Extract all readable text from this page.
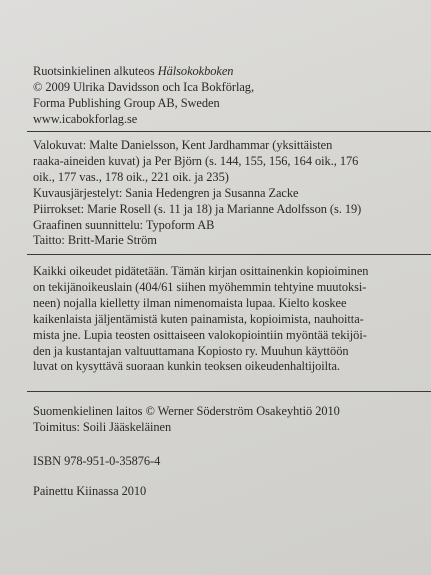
Ruotsinkielinen alkuteos Hälsokokboken
© 2009 Ulrika Davidsson och Ica Bokförlag,
Forma Publishing Group AB, Sweden
www.icabokforlag.se
Valokuvat: Malte Danielsson, Kent Jardhammar (yksittäisten
raaka-aineiden kuvat) ja Per Björn (s. 144, 155, 156, 164 oik., 176
oik., 177 vas., 178 oik., 221 oik. ja 235)
Kuvausjärjestelyt: Sania Hedengren ja Susanna Zacke
Piirrokset: Marie Rosell (s. 11 ja 18) ja Marianne Adolfsson (s. 19)
Graafinen suunnittelu: Typoform AB
Taitto: Britt-Marie Ström
Kaikki oikeudet pidätetään. Tämän kirjan osittainenkin kopioiminen
on tekijänoikeuslain (404/61 siihen myöhemmin tehtyine muutoksi-
neen) nojalla kielletty ilman nimenomaista lupaa. Kielto koskee
kaikenlaista jäljentämistä kuten painamista, kopioimista, nauhoitta-
mista jne. Lupia teosten osittaiseen valokopiointiin myöntää tekijöi-
den ja kustantajan valtuuttamana Kopiosto ry. Muuhun käyttöön
luvat on kysyttävä suoraan kunkin teoksen oikeudenhaltijoilta.
Suomenkielinen laitos © Werner Söderström Osakeyhtiö 2010
Toimitus: Soili Jääskeläinen
ISBN 978-951-0-35876-4
Painettu Kiinassa 2010
